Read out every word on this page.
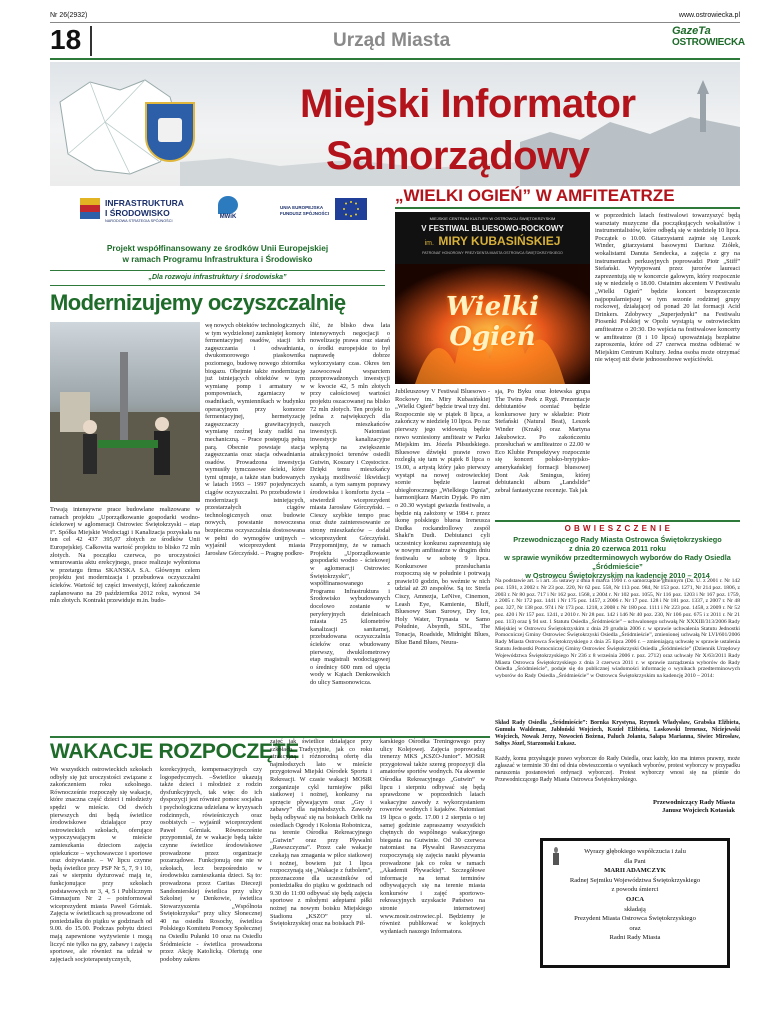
Nr 26(2932)	www.ostrowiecka.pl
18	Urząd Miasta	GazeTa
OSTROWIECKA
Miejski Informator
Samorządowy
INFRASTRUKTURA
I ŚRODOWISKO
NARODOWA STRATEGIA SPÓJNOŚCI
MWiK
UNIA EUROPEJSKA
FUNDUSZ SPÓJNOŚCI
Projekt współfinansowany ze środków Unii Europejskiej
w ramach Programu Infrastruktura i Środowisko
„Dla rozwoju infrastruktury i środowiska”
Modernizujemy oczyszczalnię
Trwają intensywne prace budowlane realizowane w ramach projektu „Uporządkowanie gospodarki wodno-ściekowej w aglomeracji Ostrowiec Świętokrzyski – etap I”. Spółka Miejskie Wodociągi i Kanalizacja pozyskała na ten cel 42 437 395,07 złotych ze środków Unii Europejskiej. Całkowita wartość projektu to blisko 72 mln złotych. Na początku czerwca, po uroczystości wmurowania aktu erekcyjnego, prace realizuje wyłoniona w przetargu firma SKANSKA S.A. Głównym celem projektu jest modernizacja i przebudowa oczyszczalni ścieków. Wartość tej części inwestycji, której zakończenie zaplanowano na 29 października 2012 roku, wynosi 34 mln złotych. Kontrakt przewiduje m.in. budo-
wę nowych obiektów technologicznych w tym wydzielonej zamkniętej komory fermentacyjnej osadów, stacji ich zagęszczania i odwadniania, dwukomorowego piaskownika poziomego, budowę nowego zbiornika biogazu. Obejmie także modernizację już istniejących obiektów w tym wymianę pomp i armatury w pompowniach, zgarniaczy w osadnikach, wymiennikach w budynku operacyjnym przy komorze fermentacyjnej, hermetyzację zagęszczaczy grawitacyjnych, wymianę rzeźnej kraty radiki na mechaniczną. – Prace postępują pełną parą. Obecnie powstaje stacja zagęszczania oraz stacja odwadniania osadów. Prowadzona inwestycja wymusiły tymczasowe ścieki, które tymi ujmuje, a także stan budowanych w latach 1993 – 1997 pojedynczych ciągów oczyszczalni. Po przebudowie i modernizacji istniejących, przestarzałych ciągów technologicznych oraz budowie nowych, powstanie nowoczesna bezpieczna oczyszczalnia dostosowana w pełni do wymogów unijnych – wyjaśnił wiceprezydent miasta Jarosław Górczyński. – Pragnę podkre-
ślić, że blisko dwa lata intensywnych negocjacji o nowelizację prawa oraz starań o środki europejskie to był naprawdę dobrze wykorzystany czas. Okres ten zaowocował wsparciem przeprowadzonych inwestycji w kwocie 42, 5 mln złotych przy całościowej wartości projektu oszacowanej na blisko 72 mln złotych. Ten projekt to jedna z największych dla naszych mieszkańców inwestycji. Natomiast inwestycje kanalizacyjne wpłyną na zwiększenie atrakcyjności terenów osiedli Gutwin, Koszary i Częstocice. Dzięki temu mieszkańcy zyskają możliwość likwidacji szamb, a tym samym poprawy środowiska i komfortu życia – stwierdził wiceprezydent miasta Jarosław Górczyński. – Cieszy szybkie tempo prac oraz duże zainteresowanie ze strony mieszkańców – dodał wiceprezydent Górczyński. Przypomnijmy, że w ramach Projektu „Uporządkowanie gospodarki wodno - ściekowej w aglomeracji Ostrowiec Świętokrzyski”, współfinansowanego z Programu Infrastruktura i Środowisko wybudowanych docelowo zostanie w peryferyjnych dzielnicach miasta 25 kilometrów kanalizacji sanitarnej, przebudowana oczyszczalnia ścieków oraz wbudowany pierwszy, dwukilometrowy etap magistrali wodociągowej o średnicy 600 mm od ujęcia wody w Kątach Denkowskich do ulicy Samsonowicza.
„WIELKI OGIEŃ” W AMFITEATRZE
MIEJSKIE CENTRUM KULTURY W OSTROWCU ŚWIĘTOKRZYSKIM
V FESTIWAL BLUESOWO-ROCKOWY
im. MIRY KUBASIŃSKIEJ
PATRONAT HONOROWY PREZYDENTA MIASTA OSTROWCA ŚWIĘTOKRZYSKIEGO
Wielki Ogień
w poprzednich latach festiwalowi towarzyszyć będą warsztaty muzyczne dla początkujących wokalistów i instrumentalistów, które odbędą się w niedzielę 10 lipca. Początek o 10.00. Gitarzystami zajmie się Leszek Winder, gitarzystami basowymi Dariusz Ziółek, wokalistami Danuta Sendecka, a zajęcia z gry na instrumentach perkusyjnych poprowadzi Piotr „Stiff” Stefański. Wytypowani przez jurorów laureaci zaprezentują się w koncercie galowym, który rozpocznie się w niedzielę o 18.00. Ostatnim akcentem V Festiwalu „Wielki Ogień” będzie koncert bezsprzecznie najpopularniejszej w tym sezonie rodzimej grupy rockowej, działającej od ponad 20 lat formacji Acid Drinkers. Zdobywcy „Superjedynki” na Festiwalu Piosenki Polskiej w Opolu wystąpią w ostrowieckim amfiteatrze o 20:30. Do wejścia na festiwalowe koncerty w amfiteatrze (8 i 10 lipca) upoważniają bezpłatne zaproszenia, które od 27 czerwca można odbierać w Miejskim Centrum Kultury. Jedna osoba może otrzymać nie więcej niż dwie jednoosobowe wejściówki.
Jubileuszowy V Festiwal Bluesowo - Rockowy im. Miry Kubasińskiej „Wielki Ogień” będzie trwał trzy dni. Rozpocznie się w piątek 8 lipca, a zakończy w niedzielę 10 lipca. Po raz pierwszy jego widownią będzie nowo wzniesiony amfiteatr w Parku Miejskim im. Józefa Piłsudskiego. Bluesowe dźwięki prawie rowo rozległą się tam w piątek 8 lipca o 19.00, a artystą który jako pierwszy wystąpi na nowej ostrowieckiej scenie będzie laureat ubiegłorocznego „Wielkiego Ognia”, harmonijkarz Marcin Dyjak. Po nim o 20.30 wystąpi gwiazda festiwalu, a będzie nią założony w 1984 r. przez ikonę polskiego bluesa Ireneusza Dudka rockandrollowy zespół Shaki'n Dudi. Debiutanci cyli uczestnicy konkursu zaprezentują się w nowym amfiteatrze w drugim dniu festiwalu w sobotę 9 lipca. Konkursowe przesłuchania rozpoczną się w południe i potrwają prawie10 godzin, bo weźmie w nich udział aż 20 zespołów. Są to: Strefa Ciszy, Amnezja, LeNive, Cinemon, Leash Eye, Kamienie, Bluff, Bluesowy Stan Surowy, Dry Ice, Holy Water, Trynasta w Samo Południe, Absynth, SDL, The Tonacja, Roadside, Midnight Blues, Blue Band Blues, Neura-
sja, Po Byku oraz łotewska grupa The Twins Peek z Rygi. Prezentacje debiutantów oceniać będzie konkursowe jury w składzie: Piotr Stefański (Natural Beat), Leszek Winder (Krzak) oraz Martyna Jakubowicz. Po zakończeniu przesłuchań w amfiteatrze o 22.00 w Eco Klubie Perspektywy rozpocznie się koncert polsko-brytyjsko-amerykańskiej formacji bluesowej Dont Ask Smingus, której debiutancki album „Landslide” zebrał fantastyczne recenzje. Tak jak
O B W I E S Z C Z E N I E
Przewodniczącego Rady Miasta Ostrowca Świętokrzyskiego
z dnia 20 czerwca 2011 roku
w sprawie wyników przedterminowych wyborów do Rady Osiedla „Śródmieście”
w Ostrowcu Świętokrzyskim na kadencję 2010 – 2014
Na podstawie art. 5 i art. 35 ustawy z dnia 8 marca 1990 r. o samorządzie gminnym (Dz. U. z 2001 r. Nr 142 poz. 1591, z 2002 r. Nr 23 poz. 220, Nr 62 poz. 558, Nr 113 poz. 984, Nr 153 poz. 1271, Nr 214 poz. 1806, z 2003 r. Nr 80 poz. 717 i Nr 162 poz. 1568, z 2004 r. Nr 102 poz. 1055, Nr 116 poz. 1203 i Nr 167 poz. 1759, z 2005 r. Nr 172 poz. 1441 i Nr 175 poz. 1457, z 2006 r. Nr 17 poz. 128 i Nr 181 poz. 1337, z 2007 r. Nr 48 poz. 327, Nr 138 poz. 974 i Nr 173 poz. 1218, z 2008 r. Nr 180 poz. 1111 i Nr 223 poz. 1458, z 2009 r. Nr 52 poz. 420 i Nr 157 poz. 1241, z 2010 r. Nr 28 poz. 142 i 146 Nr 40 poz. 230, Nr 106 poz. 675 i z 2011 r. Nr 21 poz. 113) oraz § 94 ust. 1 Statutu Osiedla „Śródmieście” – uchwalonego uchwałą Nr XXXIII/313/2006 Rady Miejskiej w Ostrowcu Świętokrzyskim z dnia 29 grudnia 2006 r. w sprawie uchwalenia Statutu Jednostki Pomocniczej Gminy Ostrowiec Świętokrzyski Osiedla „Śródmieście”, zmienionej uchwałą Nr LVI/601/2006 Rady Miasta Ostrowca Świętokrzyskiego z dnia 25 lipca 2006 r. – zmieniającą uchwałę w sprawie ustalenia Statutu Jednostki Pomocniczej Gminy Ostrowiec Świętokrzyski Osiedla „Śródmieście” (Dziennik Urzędowy Województwa Świętokrzyskiego Nr 236 z 8 września 2006 r. poz. 2712) oraz uchwały Nr X/63/2011 Rady Miasta Ostrowca Świętokrzyskiego z dnia 3 czerwca 2011 r. w sprawie zarządzenia wyborów do Rady Osiedla „Śródmieście”, podaje się do publicznej wiadomości informację o wynikach przedterminowych wyborów do Rady Osiedla „Śródmieście” w Ostrowcu Świętokrzyskim na kadencję 2010 – 2014:
Skład Rady Osiedla „Śródmieście”: Bornka Krystyna, Rzymek Władysław, Grabska Elżbieta, Gumuła Waldemar, Jabłoński Wojciech, Kozieł Elżbieta, Laskowski Ireneusz, Niciejewski Wojciech, Nowak Jerzy, Nowocień Bożena, Paluch Jolanta, Sałapa Marianna, Siwiec Mirosław, Sołtys Józef, Starzomski Łukasz.
Każdy, komu przysługuje prawo wyborcze do Rady Osiedla, oraz każdy, kto ma interes prawny, może zgłaszać w terminie 30 dni od dnia obwieszczenia o wynikach wyborów, protest wyborczy w przypadku naruszenia postanowień ordynacji wyborczej. Protest wyborczy wnosi się na piśmie do Przewodniczącego Rady Miasta Ostrowca Świętokrzyskiego.
Przewodniczący Rady Miasta
Janusz Wojciech Kotasiak
Wyrazy głębokiego współczucia i żalu
dla Pani
MARII ADAMCZYK
Radnej Sejmiku Województwa Świętokrzyskiego
z powodu śmierci
OJCA
składają
Prezydent Miasta Ostrowca Świętokrzyskiego
oraz
Radni Rady Miasta
WAKACJE ROZPOCZĘTE
We wszystkich ostrowieckich szkołach odbyły się już uroczystości związane z zakończeniem roku szkolnego. Równocześnie rozpoczęły się wakacje, które znaczna część dzieci i młodzieży spędzi w mieście. Od dwóch pierwszych dni będą świetlice środowiskowe działające przy ostrowieckich szkołach, oferujące wypoczywającym w mieście zamieszkania dzieciom zajęcia opiekuńcze – wychowawcze i sportowe oraz dożywianie. – W lipcu czynne będą świetlice przy PSP Nr 5, 7, 9 i 10, zaś w sierpniu dyżurować mają te, funkcjonujące przy szkołach podstawowych nr 3, 4, 5 i Publicznym Gimnazjum Nr 2 – poinformował wiceprezydent miasta Paweł Górniak. Zajęcia w świetlicach są prowadzone od poniedziałku do piątku w godzinach od 9.00. do 15.00. Podczas pobytu dzieci mają zapewnione wyżywienie i mogą liczyć nie tylko na gry, zabawy i zajęcia sportowe, ale również na udział w zajęciach socjoterapeutycznych,
korekcyjnych, kompensacyjnych czy logopedycznych. –Świetlice ukazują także dzieci i młodzież z rodzin dysfunkcyjnych, tak więc do ich dyspozycji jest również pomoc socjalna i psychologiczna udzielana w kryzysach rodzinnych, rówieśniczych oraz osobistych – wyjaśnił wiceprezydent Paweł Górniak. Równocześnie przypomniał, że w wakacje będą także czynne świetlice środowiskowe prowadzone przez organizacje pozarządowe. Funkcjonują one nie w szkołach, lecz bezpośrednio w środowisku zamieszkania dzieci. Są to: prowadzona przez Caritas Diecezji Sandomierskiej świetlica przy ulicy Szkolnej w Denkowie, świetlica Stowarzyszenia „Wspólnota Świętokrzyska” przy ulicy Słonecznej 40 na osiedlu Rosochy, świetlica Polskiego Komitetu Pomocy Społecznej na Osiedlu Pułanki 10 oraz na Osiedlu Śródmieście - świetlica prowadzona przez Akcję Katolicką. Ofertują one podobny zakres
zajęć jak świetlice działające przy szkołach. Tradycyjnie, jak co roku atrakcyjną i różnorodną ofertę dla najmłodszych lato w mieście przygotował Miejski Ośrodek Sportu i Rekreacji. W czasie wakacji MOSiR zorganizuje cykl turniejów piłki siatkowej i nożnej, konkursy na sprzęcie pływającym oraz „Gry i zabawy” dla najmłodszych. Zawody będą odbywać się na boiskach Orlik na osiedlach Ogrody i Kolonia Robotnicza, na terenie Ośrodka Rekreacyjnego „Gutwin” oraz przy Pływalni „Rawszczyzna”. Przez całe wakacje czekają nas zmagania w piłce siatkowej i nożnej, bowiem już 1 lipca rozpoczynają się „Wakacje z futbolem”, przeznaczone dla uczestników od poniedziałku do piątku w godzinach od 9.30 do 11:00 odbywać się będą zajęcia sportowe z młodymi adeptami piłki nożnej na nowym boisku Miejskiego Stadionu „KSZO” przy ul. Świętokrzyskiej oraz na boiskach Pił-
karskiego Ośrodka Treningowego przy ulicy Kolejowej. Zajęcia poprowadzą trenerzy MKS „KSZO-Junior”. MOSiR przygotował także szereg propozycji dla amatorów sportów wodnych. Na akwenie Ośrodka Rekreacyjnego „Gutwin” w lipcu i sierpniu odbywać się będą sprawdzone w poprzednich latach wakacyjne zawody z wykorzystaniem rowerów wodnych i kajaków. Natomiast 19 lipca o godz. 17.00 i 2 sierpnia o tej samej godzinie zapraszamy wszystkich chętnych do wspólnego wakacyjnego biegania na Gutwinie. Od 30 czerwca natomiast na Pływalni Rawszczyzna rozpoczynają się zajęcia nauki pływania prowadzone jak co roku w ramach „Akademii Pływackiej”. Szczegółowe informacje na temat terminów odbywających się na terenie miasta konkursów i zajęć sportowo-rekreacyjnych uzyskacie Państwo na stronie internetowej www.mosir.ostrowiec.pl. Będziemy je również publikować w kolejnych wydaniach naszego Informatora.
